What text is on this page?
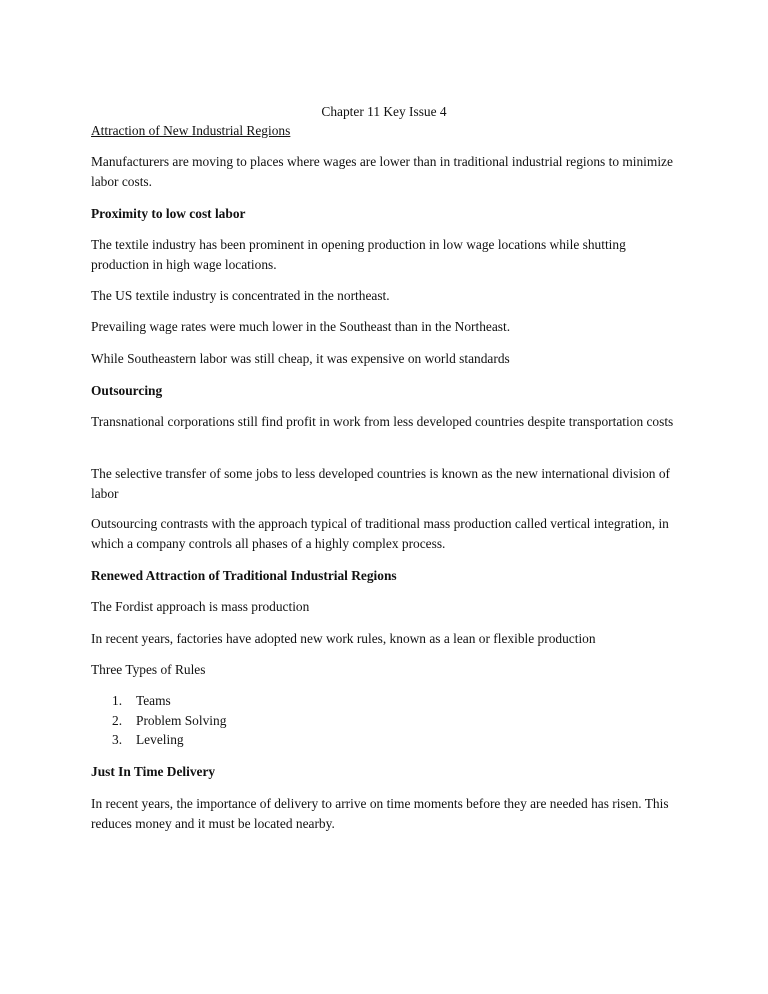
Chapter 11 Key Issue 4

Attraction of New Industrial Regions

Manufacturers are moving to places where wages are lower than in traditional industrial regions to minimize labor costs.

Proximity to low cost labor

The textile industry has been prominent in opening production in low wage locations while shutting production in high wage locations.

The US textile industry is concentrated in the northeast.

Prevailing wage rates were much lower in the Southeast than in the Northeast.

While Southeastern labor was still cheap, it was expensive on world standards

Outsourcing

Transnational corporations still find profit in work from less developed countries despite transportation costs

The selective transfer of some jobs to less developed countries is known as the new international division of labor

Outsourcing contrasts with the approach typical of traditional mass production called vertical integration, in which a company controls all phases of a highly complex process.

Renewed Attraction of Traditional Industrial Regions

The Fordist approach is mass production

In recent years, factories have adopted new work rules, known as a lean or flexible production

Three Types of Rules

1. Teams
2. Problem Solving
3. Leveling

Just In Time Delivery

In recent years, the importance of delivery to arrive on time moments before they are needed has risen. This reduces money and it must be located nearby.
